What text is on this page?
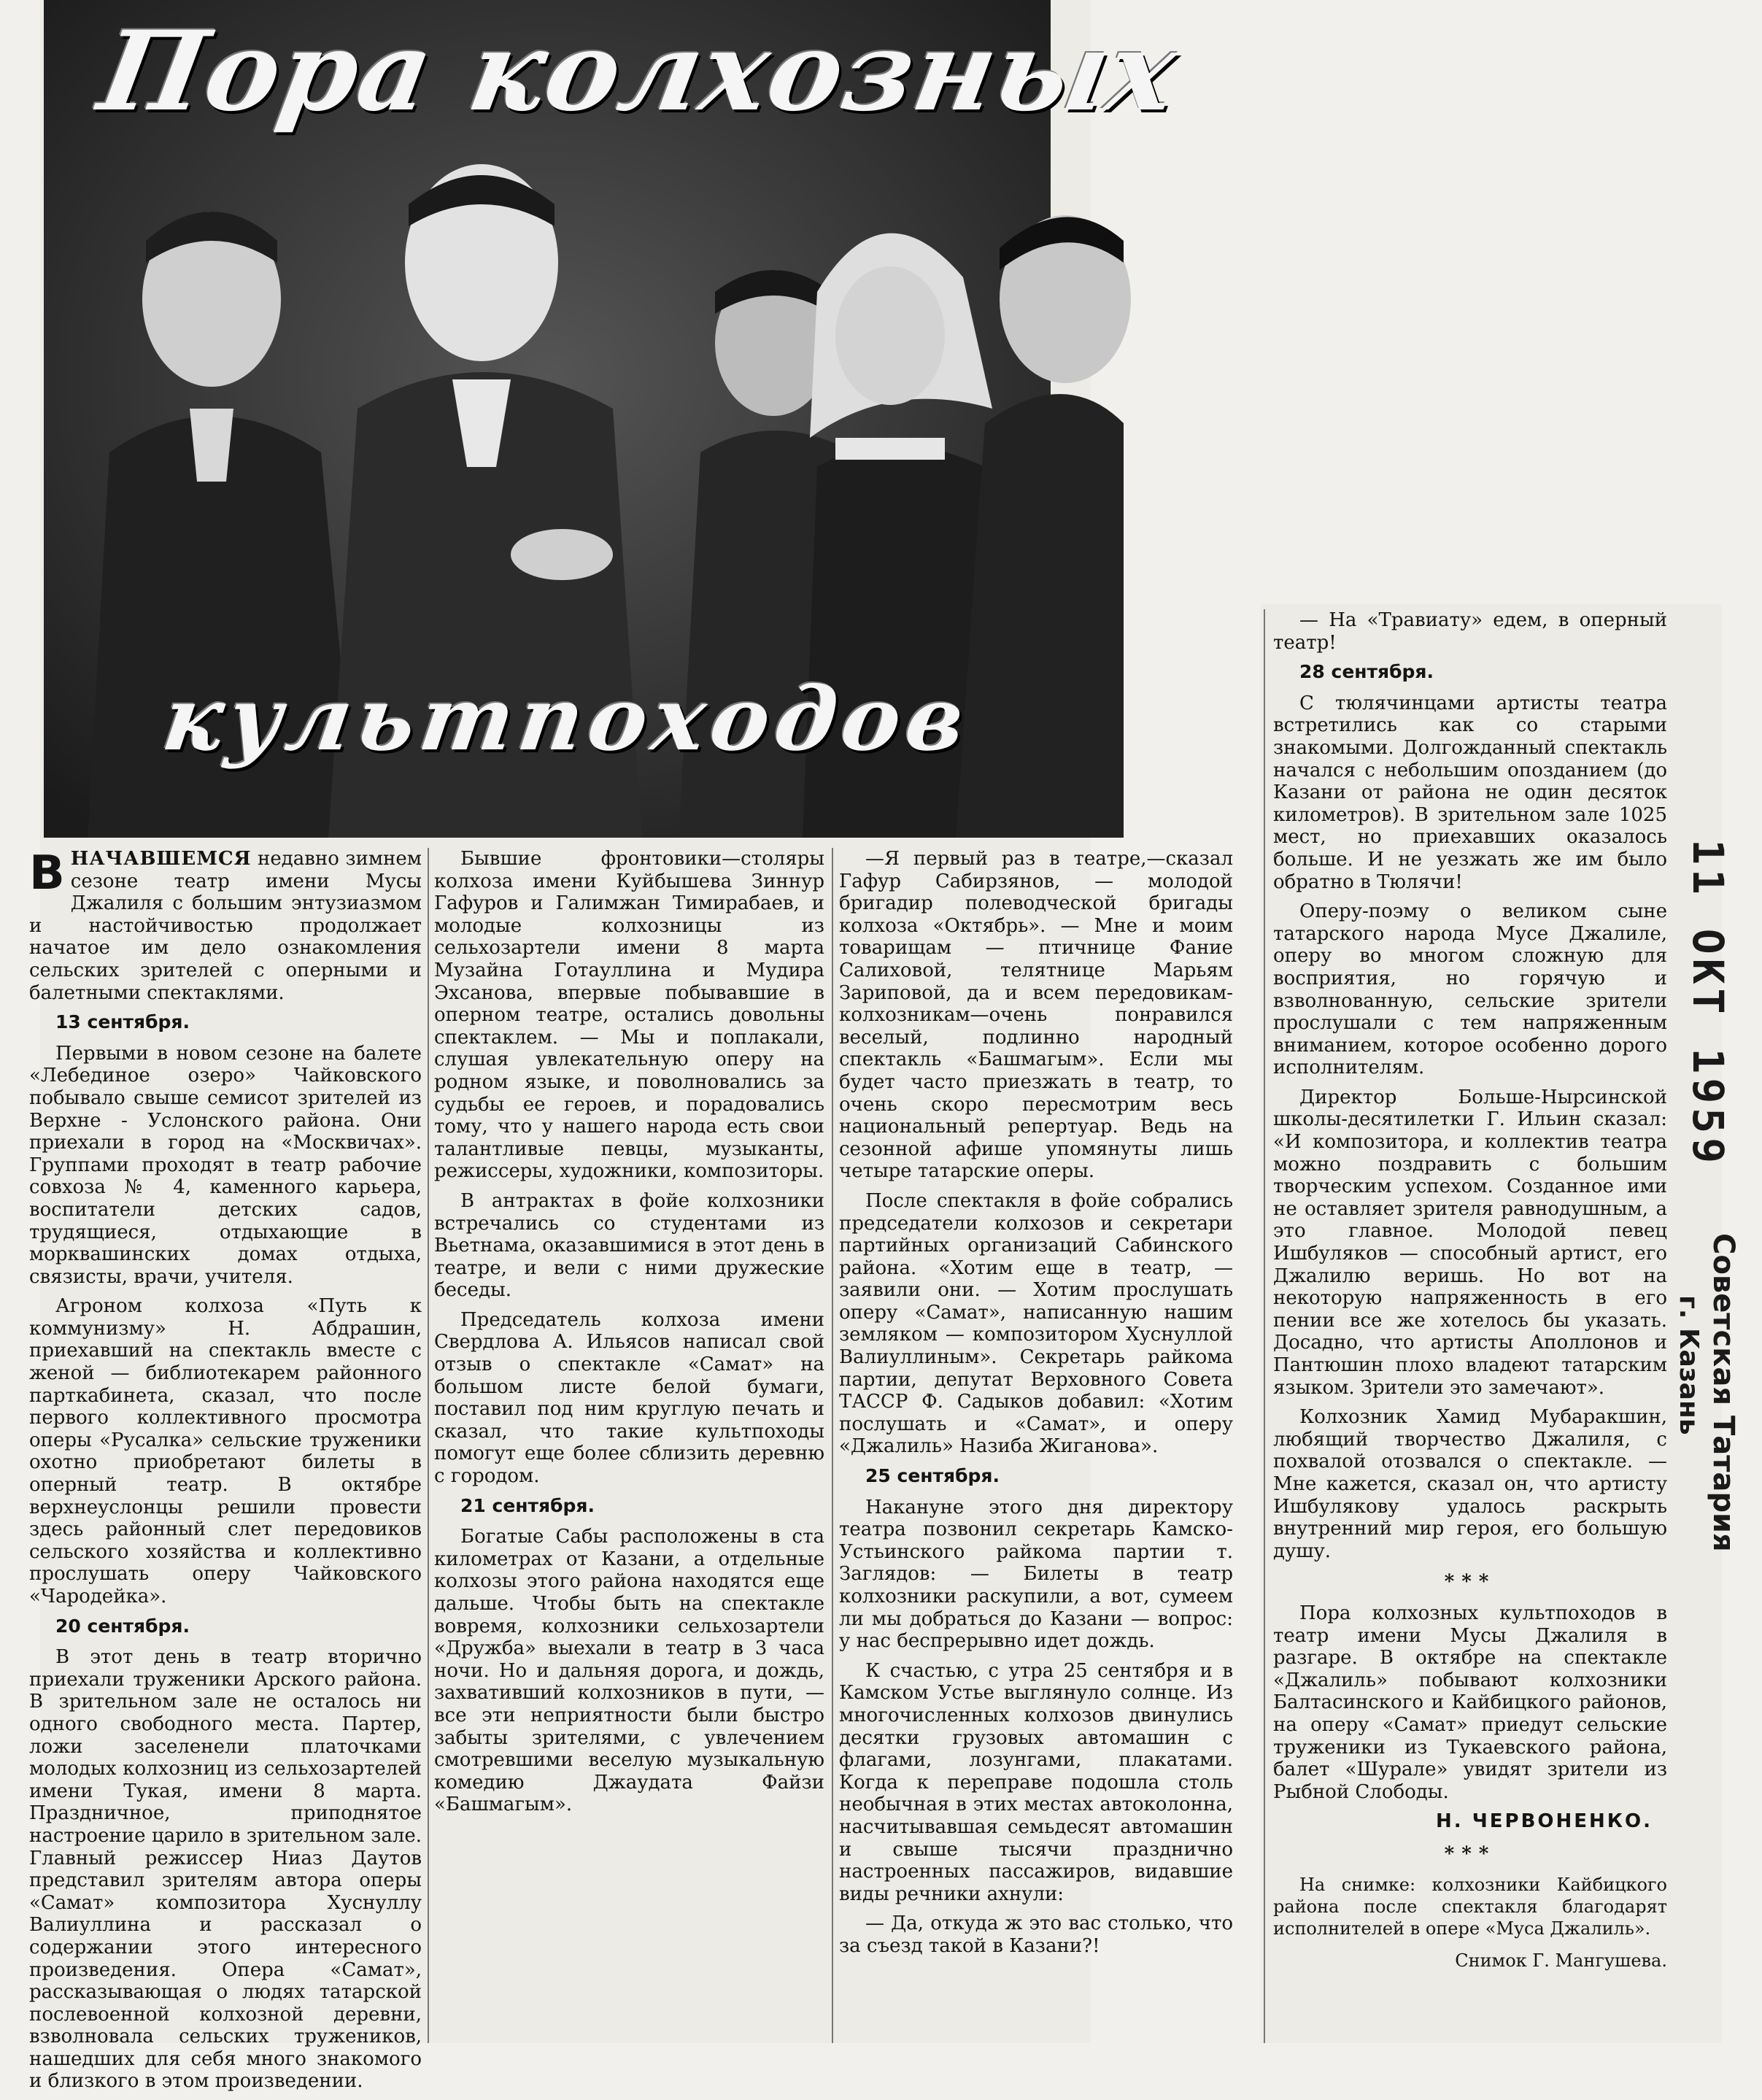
Пора колхозных
культпоходов

ВНАЧАВШЕМСЯ недавно зимнем сезоне театр имени Мусы Джалиля с большим энтузиазмом и настойчивостью продолжает начатое им дело ознакомления сельских зрителей с оперными и балетными спектаклями.

13 сентября.

Первыми в новом сезоне на балете «Лебединое озеро» Чайковского побывало свыше семисот зрителей из Верхне - Услонского района. Они приехали в город на «Москвичах». Группами проходят в театр рабочие совхоза № 4, каменного карьера, воспитатели детских садов, трудящиеся, отдыхающие в морквашинских домах отдыха, связисты, врачи, учителя.

Агроном колхоза «Путь к коммунизму» Н. Абдрашин, приехавший на спектакль вместе с женой — библиотекарем районного парткабинета, сказал, что после первого коллективного просмотра оперы «Русалка» сельские труженики охотно приобретают билеты в оперный театр. В октябре верхнеуслонцы решили провести здесь районный слет передовиков сельского хозяйства и коллективно прослушать оперу Чайковского «Чародейка».

20 сентября.

В этот день в театр вторично приехали труженики Арского района. В зрительном зале не осталось ни одного свободного места. Партер, ложи заселенели платочками молодых колхозниц из сельхозартелей имени Тукая, имени 8 марта. Праздничное, приподнятое настроение царило в зрительном зале. Главный режиссер Ниаз Даутов представил зрителям автора оперы «Самат» композитора Хуснуллу Валиуллина и рассказал о содержании этого интересного произведения. Опера «Самат», рассказывающая о людях татарской послевоенной колхозной деревни, взволновала сельских тружеников, нашедших для себя много знакомого и близкого в этом произведении.

Бывшие фронтовики—столяры колхоза имени Куйбышева Зиннур Гафуров и Галимжан Тимирабаев, и молодые колхозницы из сельхозартели имени 8 марта Музайна Готауллина и Мудира Эхсанова, впервые побывавшие в оперном театре, остались довольны спектаклем. — Мы и поплакали, слушая увлекательную оперу на родном языке, и поволновались за судьбы ее героев, и порадовались тому, что у нашего народа есть свои талантливые певцы, музыканты, режиссеры, художники, композиторы.

В антрактах в фойе колхозники встречались со студентами из Вьетнама, оказавшимися в этот день в театре, и вели с ними дружеские беседы.

Председатель колхоза имени Свердлова А. Ильясов написал свой отзыв о спектакле «Самат» на большом листе белой бумаги, поставил под ним круглую печать и сказал, что такие культпоходы помогут еще более сблизить деревню с городом.

21 сентября.

Богатые Сабы расположены в ста километрах от Казани, а отдельные колхозы этого района находятся еще дальше. Чтобы быть на спектакле вовремя, колхозники сельхозартели «Дружба» выехали в театр в 3 часа ночи. Но и дальняя дорога, и дождь, захвативший колхозников в пути, — все эти неприятности были быстро забыты зрителями, с увлечением смотревшими веселую музыкальную комедию Джаудата Файзи «Башмагым».

—Я первый раз в театре,—сказал Гафур Сабирзянов, — молодой бригадир полеводческой бригады колхоза «Октябрь». — Мне и моим товарищам — птичнице Фание Салиховой, телятнице Марьям Зариповой, да и всем передовикам-колхозникам—очень понравился веселый, подлинно народный спектакль «Башмагым». Если мы будет часто приезжать в театр, то очень скоро пересмотрим весь национальный репертуар. Ведь на сезонной афише упомянуты лишь четыре татарские оперы.

После спектакля в фойе собрались председатели колхозов и секретари партийных организаций Сабинского района. «Хотим еще в театр, — заявили они. — Хотим прослушать оперу «Самат», написанную нашим земляком — композитором Хуснуллой Валиуллиным». Секретарь райкома партии, депутат Верховного Совета ТАССР Ф. Садыков добавил: «Хотим послушать и «Самат», и оперу «Джалиль» Назиба Жиганова».

25 сентября.

Накануне этого дня директору театра позвонил секретарь Камско-Устьинского райкома партии т. Заглядов: — Билеты в театр колхозники раскупили, а вот, сумеем ли мы добраться до Казани — вопрос: у нас беспрерывно идет дождь.

К счастью, с утра 25 сентября и в Камском Устье выглянуло солнце. Из многочисленных колхозов двинулись десятки грузовых автомашин с флагами, лозунгами, плакатами. Когда к переправе подошла столь необычная в этих местах автоколонна, насчитывавшая семьдесят автомашин и свыше тысячи празднично настроенных пассажиров, видавшие виды речники ахнули:

— Да, откуда ж это вас столько, что за съезд такой в Казани?!

— На «Травиату» едем, в оперный театр!

28 сентября.

С тюлячинцами артисты театра встретились как со старыми знакомыми. Долгожданный спектакль начался с небольшим опозданием (до Казани от района не один десяток километров). В зрительном зале 1025 мест, но приехавших оказалось больше. И не уезжать же им было обратно в Тюлячи!

Оперу-поэму о великом сыне татарского народа Мусе Джалиле, оперу во многом сложную для восприятия, но горячую и взволнованную, сельские зрители прослушали с тем напряженным вниманием, которое особенно дорого исполнителям.

Директор Больше-Нырсинской школы-десятилетки Г. Ильин сказал: «И композитора, и коллектив театра можно поздравить с большим творческим успехом. Созданное ими не оставляет зрителя равнодушным, а это главное. Молодой певец Ишбуляков — способный артист, его Джалилю веришь. Но вот на некоторую напряженность в его пении все же хотелось бы указать. Досадно, что артисты Аполлонов и Пантюшин плохо владеют татарским языком. Зрители это замечают».

Колхозник Хамид Мубаракшин, любящий творчество Джалиля, с похвалой отозвался о спектакле. — Мне кажется, сказал он, что артисту Ишбулякову удалось раскрыть внутренний мир героя, его большую душу.

***

Пора колхозных культпоходов в театр имени Мусы Джалиля в разгаре. В октябре на спектакле «Джалиль» побывают колхозники Балтасинского и Кайбицкого районов, на оперу «Самат» приедут сельские труженики из Тукаевского района, балет «Шурале» увидят зрители из Рыбной Слободы.

Н. ЧЕРВОНЕНКО.

***

На снимке: колхозники Кайбицкого района после спектакля благодарят исполнителей в опере «Муса Джалиль».

Снимок Г. Мангушева.

11 ОКТ 1959
Советская Татария
г. Казань
